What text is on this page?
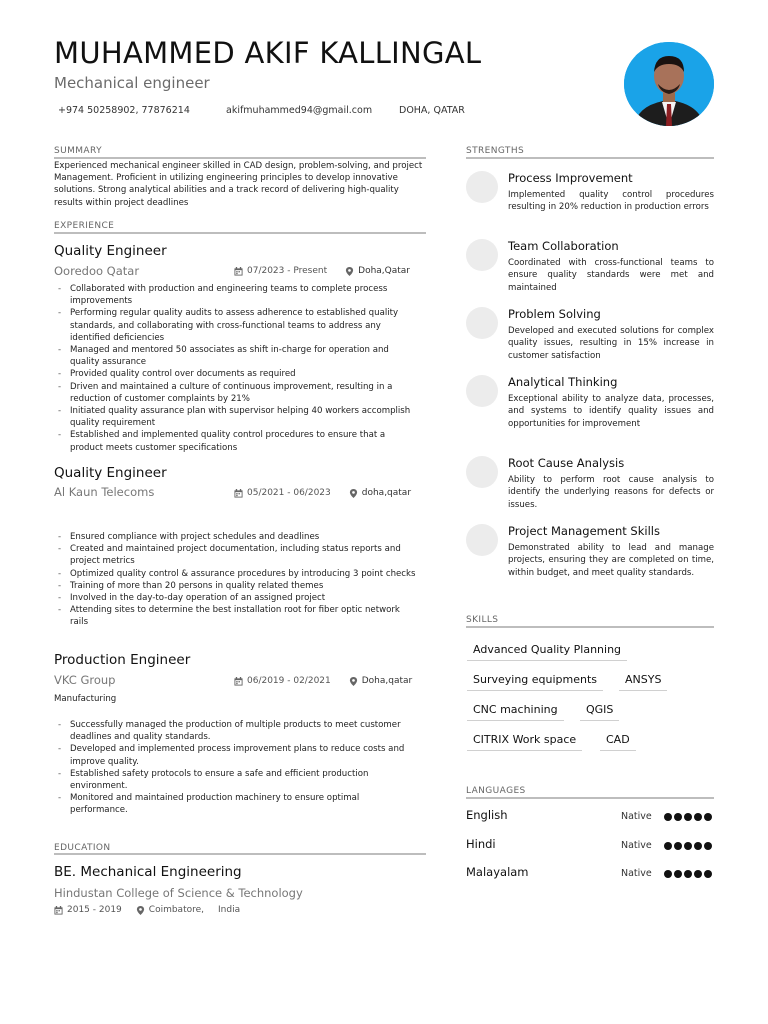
MUHAMMED AKIF KALLINGAL
Mechanical engineer
+974 50258902, 77876214	akifmuhammed94@gmail.com	DOHA, QATAR
SUMMARY
Experienced mechanical engineer skilled in CAD design, problem-solving, and project Management. Proficient in utilizing engineering principles to develop innovative solutions. Strong analytical abilities and a track record of delivering high-quality results within project deadlines
EXPERIENCE
Quality Engineer
Ooredoo Qatar	07/2023 - Present	Doha,Qatar
- Collaborated with production and engineering teams to complete process improvements
- Performing regular quality audits to assess adherence to established quality standards, and collaborating with cross-functional teams to address any identified deficiencies
- Managed and mentored 50 associates as shift in-charge for operation and quality assurance
- Provided quality control over documents as required
- Driven and maintained a culture of continuous improvement, resulting in a reduction of customer complaints by 21%
- Initiated quality assurance plan with supervisor helping 40 workers accomplish quality requirement
- Established and implemented quality control procedures to ensure that a product meets customer specifications
Quality Engineer
Al Kaun Telecoms	05/2021 - 06/2023	doha,qatar
- Ensured compliance with project schedules and deadlines
- Created and maintained project documentation, including status reports and project metrics
- Optimized quality control & assurance procedures by introducing 3 point checks
- Training of more than 20 persons in quality related themes
- Involved in the day-to-day operation of an assigned project
- Attending sites to determine the best installation root for fiber optic network rails
Production Engineer
VKC Group	06/2019 - 02/2021	Doha,qatar
Manufacturing
- Successfully managed the production of multiple products to meet customer deadlines and quality standards.
- Developed and implemented process improvement plans to reduce costs and improve quality.
- Established safety protocols to ensure a safe and efficient production environment.
- Monitored and maintained production machinery to ensure optimal performance.
EDUCATION
BE. Mechanical Engineering
Hindustan College of Science & Technology
2015 - 2019	Coimbatore, India
STRENGTHS
Process Improvement
Implemented quality control procedures resulting in 20% reduction in production errors
Team Collaboration
Coordinated with cross-functional teams to ensure quality standards were met and maintained
Problem Solving
Developed and executed solutions for complex quality issues, resulting in 15% increase in customer satisfaction
Analytical Thinking
Exceptional ability to analyze data, processes, and systems to identify quality issues and opportunities for improvement
Root Cause Analysis
Ability to perform root cause analysis to identify the underlying reasons for defects or issues.
Project Management Skills
Demonstrated ability to lead and manage projects, ensuring they are completed on time, within budget, and meet quality standards.
SKILLS
Advanced Quality Planning
Surveying equipments	ANSYS
CNC machining	QGIS
CITRIX Work space	CAD
LANGUAGES
English	Native
Hindi	Native
Malayalam	Native
